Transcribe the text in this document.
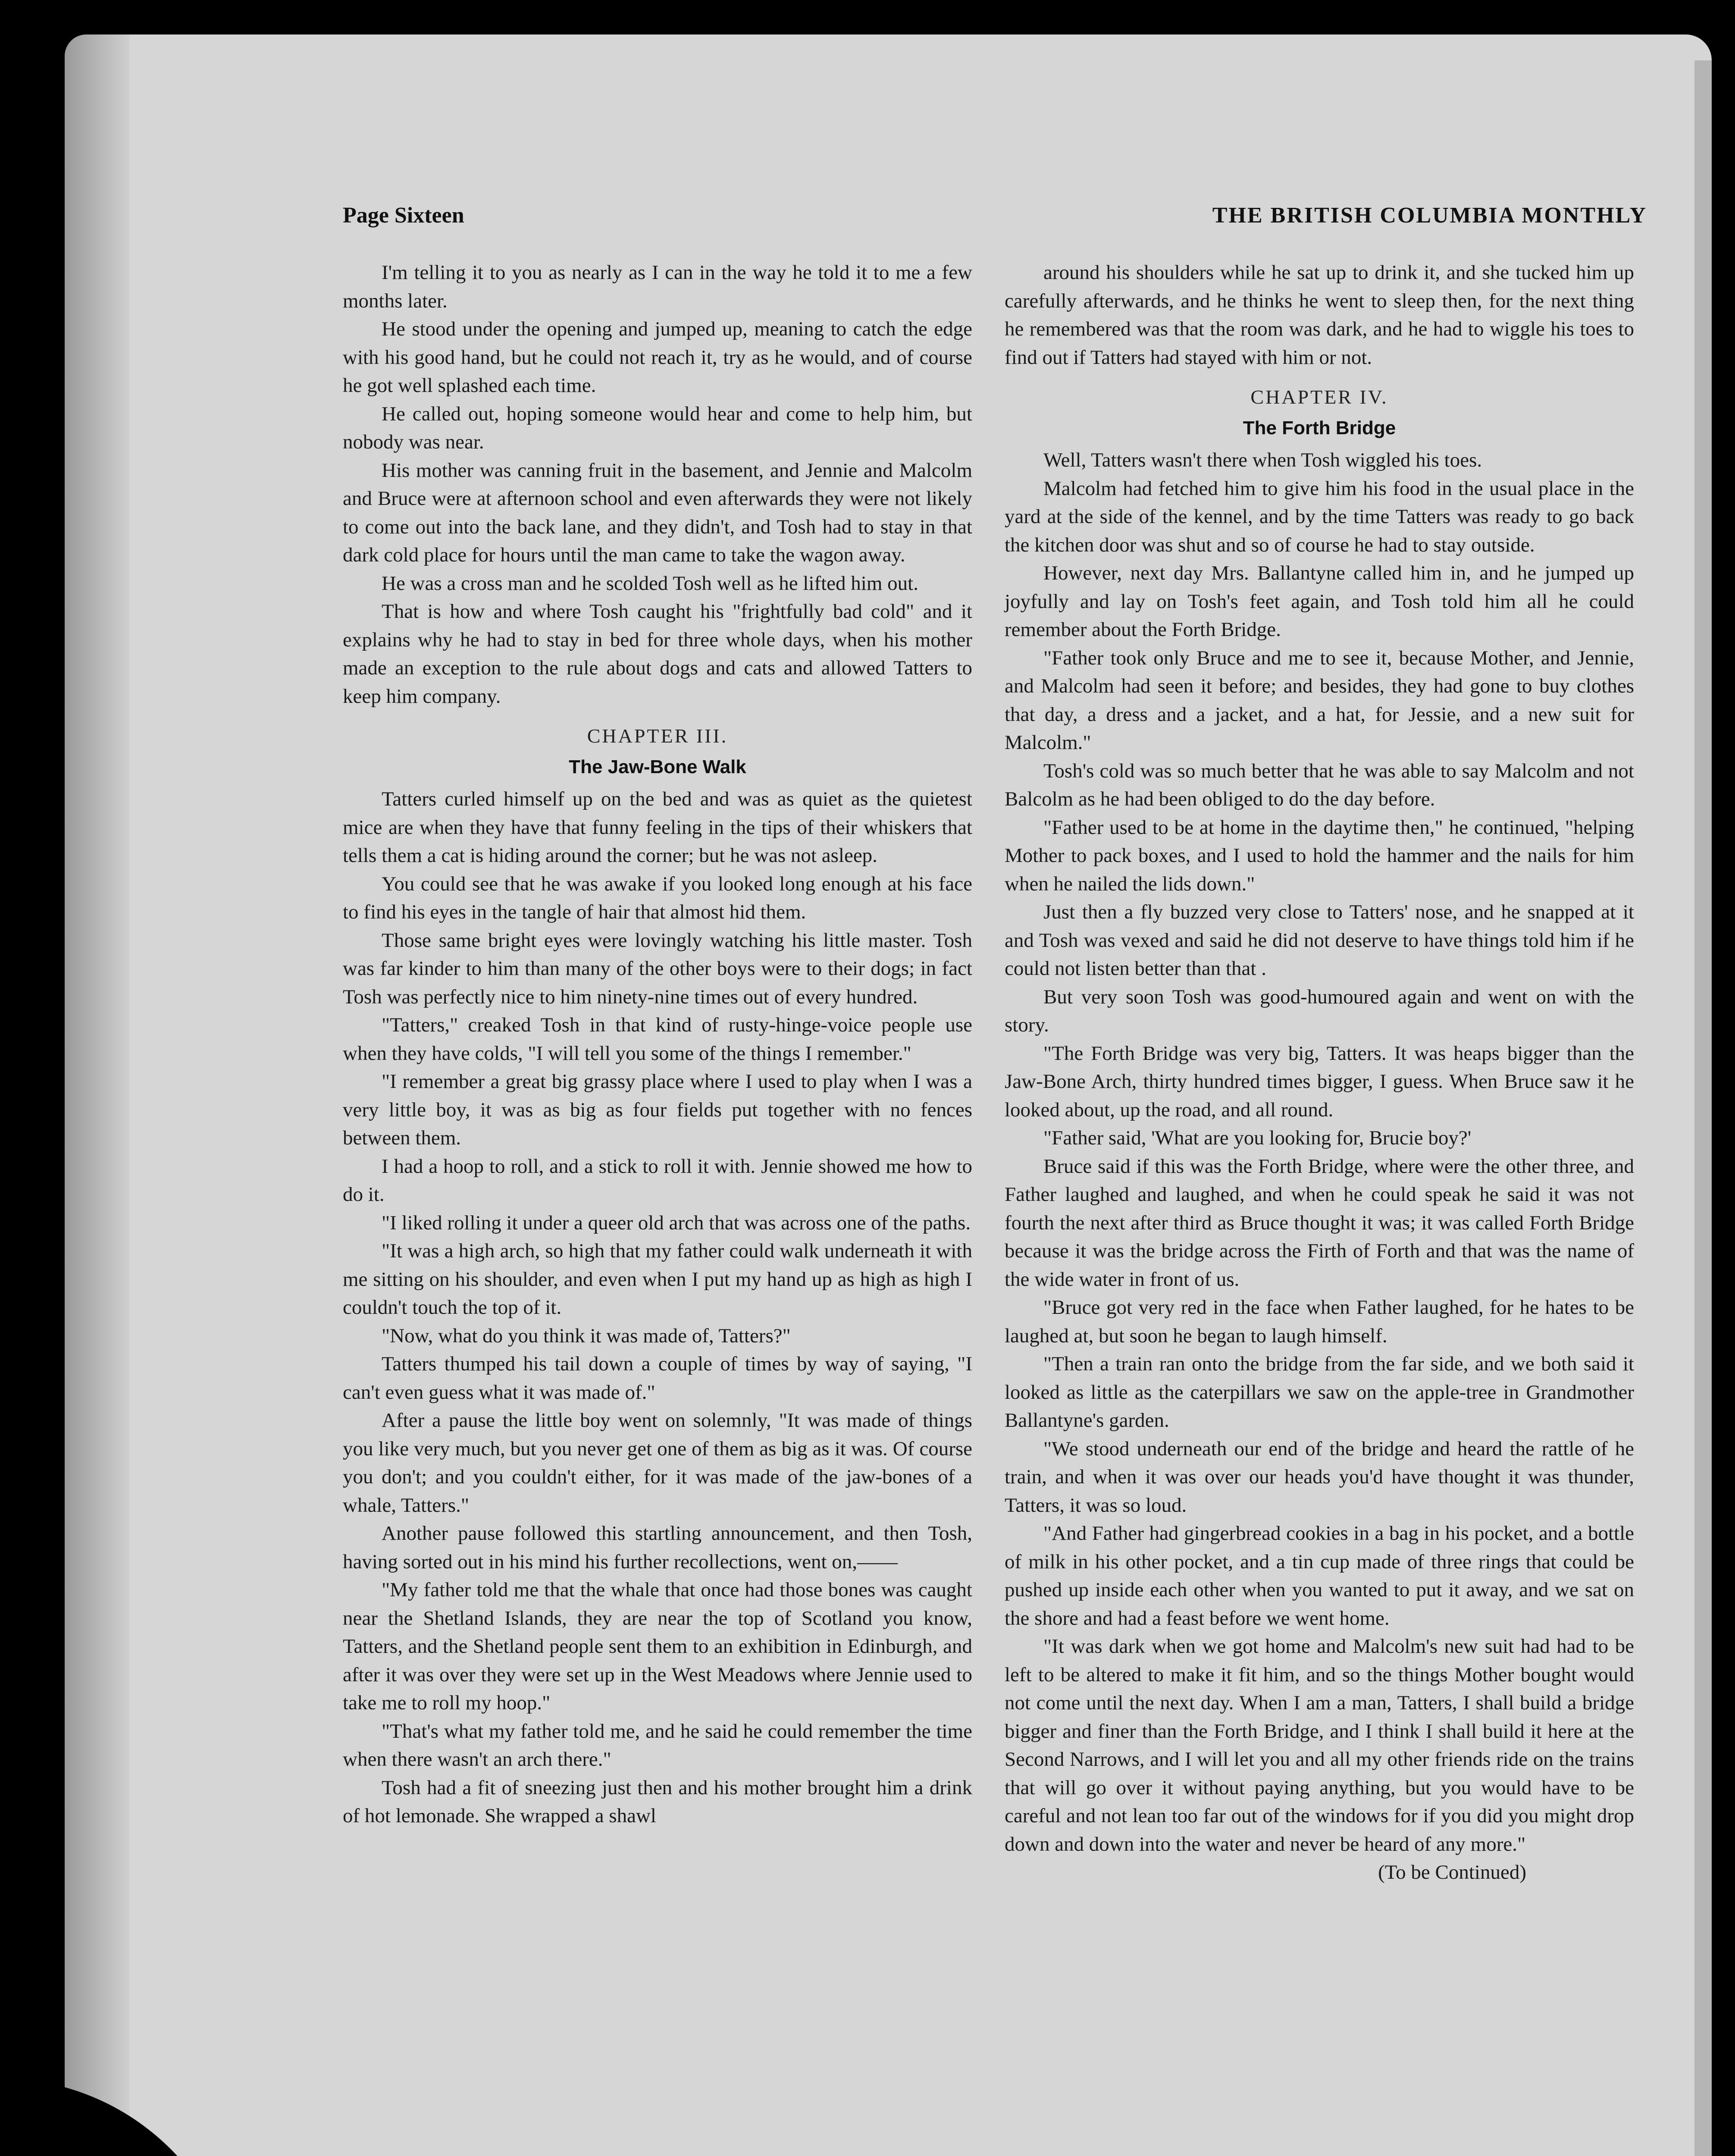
Page Sixteen	THE BRITISH COLUMBIA MONTHLY

I'm telling it to you as nearly as I can in the way he told it to me a few months later.

He stood under the opening and jumped up, meaning to catch the edge with his good hand, but he could not reach it, try as he would, and of course he got well splashed each time.

He called out, hoping someone would hear and come to help him, but nobody was near.

His mother was canning fruit in the basement, and Jennie and Malcolm and Bruce were at afternoon school and even afterwards they were not likely to come out into the back lane, and they didn't, and Tosh had to stay in that dark cold place for hours until the man came to take the wagon away.

He was a cross man and he scolded Tosh well as he lifted him out.

That is how and where Tosh caught his "frightfully bad cold" and it explains why he had to stay in bed for three whole days, when his mother made an exception to the rule about dogs and cats and allowed Tatters to keep him company.

CHAPTER III.
The Jaw-Bone Walk

Tatters curled himself up on the bed and was as quiet as the quietest mice are when they have that funny feeling in the tips of their whiskers that tells them a cat is hiding around the corner; but he was not asleep.

You could see that he was awake if you looked long enough at his face to find his eyes in the tangle of hair that almost hid them.

Those same bright eyes were lovingly watching his little master. Tosh was far kinder to him than many of the other boys were to their dogs; in fact Tosh was perfectly nice to him ninety-nine times out of every hundred.

"Tatters," creaked Tosh in that kind of rusty-hinge-voice people use when they have colds, "I will tell you some of the things I remember."

"I remember a great big grassy place where I used to play when I was a very little boy, it was as big as four fields put together with no fences between them.

I had a hoop to roll, and a stick to roll it with. Jennie showed me how to do it.

"I liked rolling it under a queer old arch that was across one of the paths.

"It was a high arch, so high that my father could walk underneath it with me sitting on his shoulder, and even when I put my hand up as high as high I couldn't touch the top of it.

"Now, what do you think it was made of, Tatters?"

Tatters thumped his tail down a couple of times by way of saying, "I can't even guess what it was made of."

After a pause the little boy went on solemnly, "It was made of things you like very much, but you never get one of them as big as it was. Of course you don't; and you couldn't either, for it was made of the jaw-bones of a whale, Tatters."

Another pause followed this startling announcement, and then Tosh, having sorted out in his mind his further recollections, went on,——

"My father told me that the whale that once had those bones was caught near the Shetland Islands, they are near the top of Scotland you know, Tatters, and the Shetland people sent them to an exhibition in Edinburgh, and after it was over they were set up in the West Meadows where Jennie used to take me to roll my hoop."

"That's what my father told me, and he said he could remember the time when there wasn't an arch there."

Tosh had a fit of sneezing just then and his mother brought him a drink of hot lemonade. She wrapped a shawl

around his shoulders while he sat up to drink it, and she tucked him up carefully afterwards, and he thinks he went to sleep then, for the next thing he remembered was that the room was dark, and he had to wiggle his toes to find out if Tatters had stayed with him or not.

CHAPTER IV.
The Forth Bridge

Well, Tatters wasn't there when Tosh wiggled his toes.

Malcolm had fetched him to give him his food in the usual place in the yard at the side of the kennel, and by the time Tatters was ready to go back the kitchen door was shut and so of course he had to stay outside.

However, next day Mrs. Ballantyne called him in, and he jumped up joyfully and lay on Tosh's feet again, and Tosh told him all he could remember about the Forth Bridge.

"Father took only Bruce and me to see it, because Mother, and Jennie, and Malcolm had seen it before; and besides, they had gone to buy clothes that day, a dress and a jacket, and a hat, for Jessie, and a new suit for Malcolm."

Tosh's cold was so much better that he was able to say Malcolm and not Balcolm as he had been obliged to do the day before.

"Father used to be at home in the daytime then," he continued, "helping Mother to pack boxes, and I used to hold the hammer and the nails for him when he nailed the lids down."

Just then a fly buzzed very close to Tatters' nose, and he snapped at it and Tosh was vexed and said he did not deserve to have things told him if he could not listen better than that .

But very soon Tosh was good-humoured again and went on with the story.

"The Forth Bridge was very big, Tatters. It was heaps bigger than the Jaw-Bone Arch, thirty hundred times bigger, I guess. When Bruce saw it he looked about, up the road, and all round.

"Father said, 'What are you looking for, Brucie boy?'

Bruce said if this was the Forth Bridge, where were the other three, and Father laughed and laughed, and when he could speak he said it was not fourth the next after third as Bruce thought it was; it was called Forth Bridge because it was the bridge across the Firth of Forth and that was the name of the wide water in front of us.

"Bruce got very red in the face when Father laughed, for he hates to be laughed at, but soon he began to laugh himself.

"Then a train ran onto the bridge from the far side, and we both said it looked as little as the caterpillars we saw on the apple-tree in Grandmother Ballantyne's garden.

"We stood underneath our end of the bridge and heard the rattle of he train, and when it was over our heads you'd have thought it was thunder, Tatters, it was so loud.

"And Father had gingerbread cookies in a bag in his pocket, and a bottle of milk in his other pocket, and a tin cup made of three rings that could be pushed up inside each other when you wanted to put it away, and we sat on the shore and had a feast before we went home.

"It was dark when we got home and Malcolm's new suit had had to be left to be altered to make it fit him, and so the things Mother bought would not come until the next day. When I am a man, Tatters, I shall build a bridge bigger and finer than the Forth Bridge, and I think I shall build it here at the Second Narrows, and I will let you and all my other friends ride on the trains that will go over it without paying anything, but you would have to be careful and not lean too far out of the windows for if you did you might drop down and down into the water and never be heard of any more."

(To be Continued)
